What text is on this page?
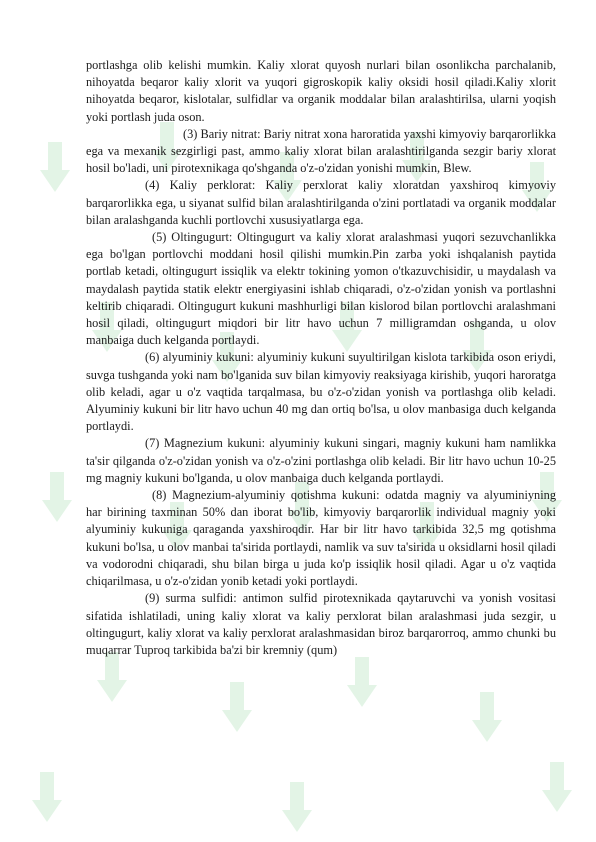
portlashga olib kelishi mumkin. Kaliy xlorat quyosh nurlari bilan osonlikcha parchalanib, nihoyatda beqaror kaliy xlorit va yuqori gigroskopik kaliy oksidi hosil qiladi.Kaliy xlorit nihoyatda beqaror, kislotalar, sulfidlar va organik moddalar bilan aralashtirilsa, ularni yoqish yoki portlash juda oson.

(3) Bariy nitrat: Bariy nitrat xona haroratida yaxshi kimyoviy barqarorlikka ega va mexanik sezgirligi past, ammo kaliy xlorat bilan aralashtirilganda sezgir bariy xlorat hosil bo'ladi, uni pirotexnikaga qo'shganda o'z-o'zidan yonishi mumkin, Blew.

(4) Kaliy perklorat: Kaliy perxlorat kaliy xloratdan yaxshiroq kimyoviy barqarorlikka ega, u siyanat sulfid bilan aralashtirilganda o'zini portlatadi va organik moddalar bilan aralashganda kuchli portlovchi xususiyatlarga ega.

(5) Oltingugurt: Oltingugurt va kaliy xlorat aralashmasi yuqori sezuvchanlikka ega bo'lgan portlovchi moddani hosil qilishi mumkin.Pin zarba yoki ishqalanish paytida portlab ketadi, oltingugurt issiqlik va elektr tokining yomon o'tkazuvchisidir, u maydalash va maydalash paytida statik elektr energiyasini ishlab chiqaradi, o'z-o'zidan yonish va portlashni keltirib chiqaradi. Oltingugurt kukuni mashhurligi bilan kislorod bilan portlovchi aralashmani hosil qiladi, oltingugurt miqdori bir litr havo uchun 7 milligramdan oshganda, u olov manbaiga duch kelganda portlaydi.

(6) alyuminiy kukuni: alyuminiy kukuni suyultirilgan kislota tarkibida oson eriydi, suvga tushganda yoki nam bo'lganida suv bilan kimyoviy reaksiyaga kirishib, yuqori haroratga olib keladi, agar u o'z vaqtida tarqalmasa, bu o'z-o'zidan yonish va portlashga olib keladi. Alyuminiy kukuni bir litr havo uchun 40 mg dan ortiq bo'lsa, u olov manbasiga duch kelganda portlaydi.

(7) Magnezium kukuni: alyuminiy kukuni singari, magniy kukuni ham namlikka ta'sir qilganda o'z-o'zidan yonish va o'z-o'zini portlashga olib keladi. Bir litr havo uchun 10-25 mg magniy kukuni bo'lganda, u olov manbaiga duch kelganda portlaydi.

(8) Magnezium-alyuminiy qotishma kukuni: odatda magniy va alyuminiyning har birining taxminan 50% dan iborat bo'lib, kimyoviy barqarorlik individual magniy yoki alyuminiy kukuniga qaraganda yaxshiroqdir. Har bir litr havo tarkibida 32,5 mg qotishma kukuni bo'lsa, u olov manbai ta'sirida portlaydi, namlik va suv ta'sirida u oksidlarni hosil qiladi va vodorodni chiqaradi, shu bilan birga u juda ko'p issiqlik hosil qiladi. Agar u o'z vaqtida chiqarilmasa, u o'z-o'zidan yonib ketadi yoki portlaydi.

(9) surma sulfidi: antimon sulfid pirotexnikada qaytaruvchi va yonish vositasi sifatida ishlatiladi, uning kaliy xlorat va kaliy perxlorat bilan aralashmasi juda sezgir, u oltingugurt, kaliy xlorat va kaliy perxlorat aralashmasidan biroz barqarorroq, ammo chunki bu muqarrar Tuproq tarkibida ba'zi bir kremniy (qum)
